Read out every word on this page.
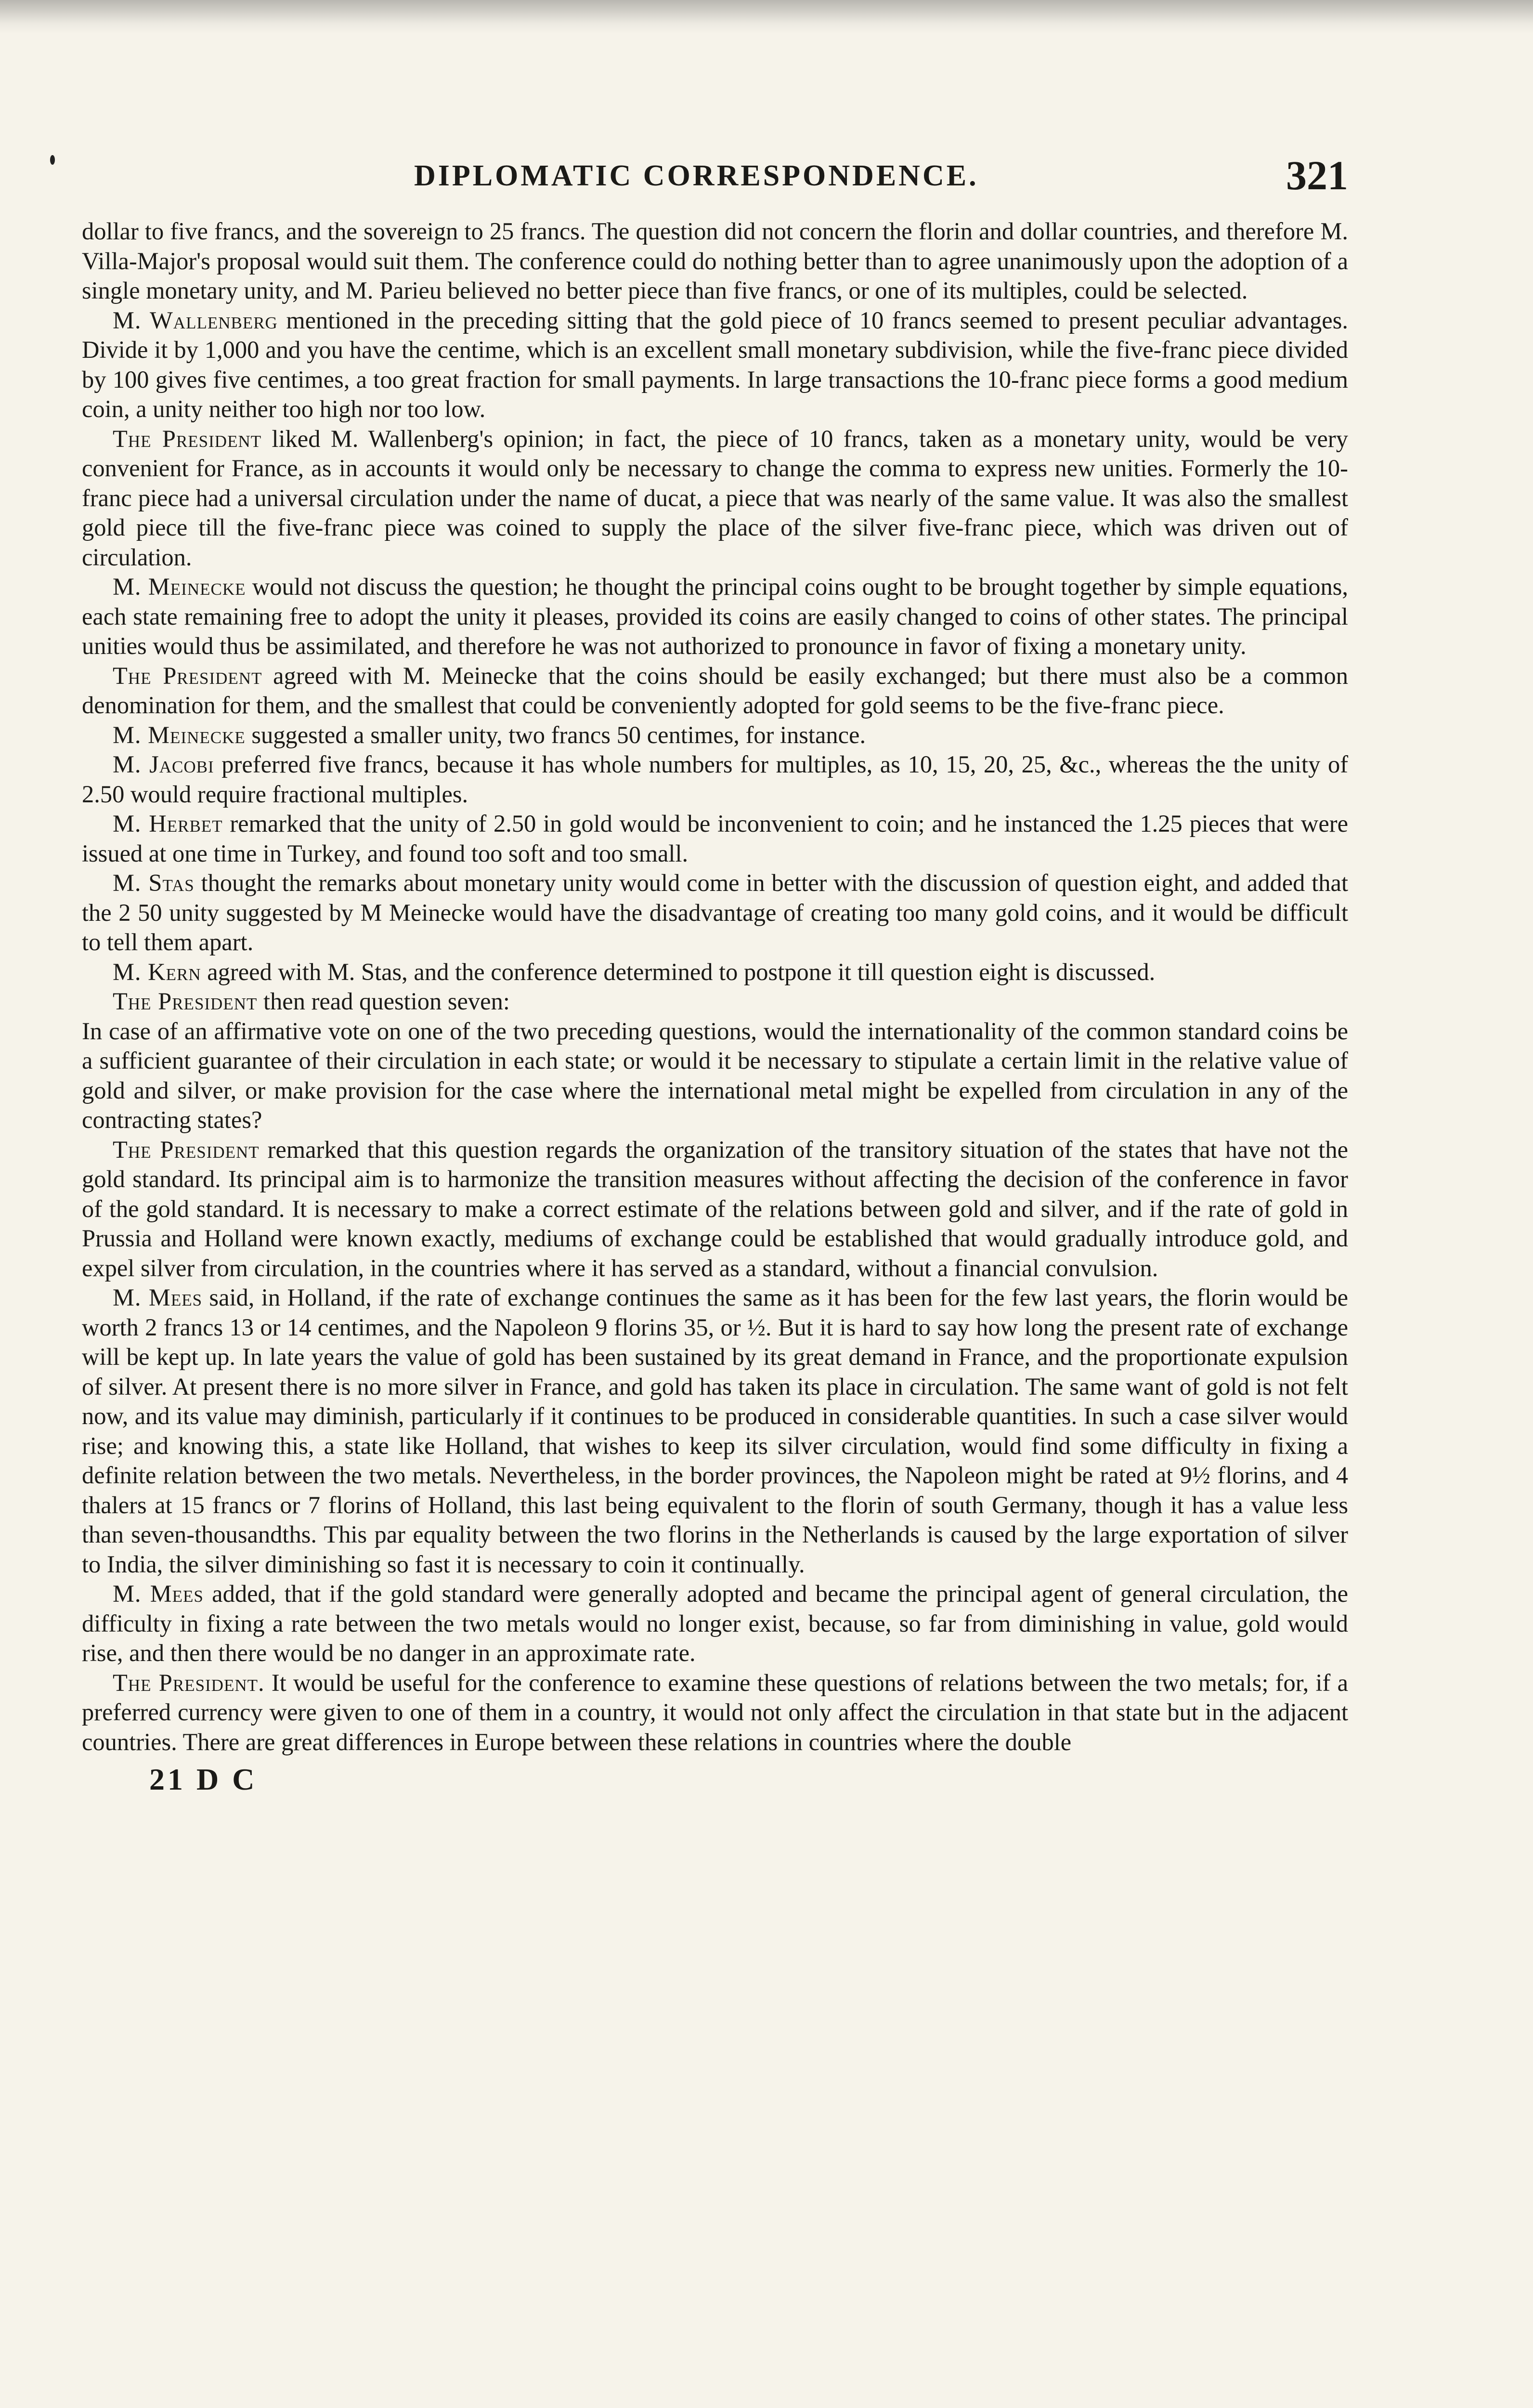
DIPLOMATIC CORRESPONDENCE.	321

dollar to five francs, and the sovereign to 25 francs. The question did not concern the florin and dollar countries, and therefore M. Villa-Major's proposal would suit them. The conference could do nothing better than to agree unanimously upon the adoption of a single monetary unity, and M. Parieu believed no better piece than five francs, or one of its multiples, could be selected.

M. Wallenberg mentioned in the preceding sitting that the gold piece of 10 francs seemed to present peculiar advantages. Divide it by 1,000 and you have the centime, which is an excellent small monetary subdivision, while the five-franc piece divided by 100 gives five centimes, a too great fraction for small payments. In large transactions the 10-franc piece forms a good medium coin, a unity neither too high nor too low.

The President liked M. Wallenberg's opinion; in fact, the piece of 10 francs, taken as a monetary unity, would be very convenient for France, as in accounts it would only be necessary to change the comma to express new unities. Formerly the 10-franc piece had a universal circulation under the name of ducat, a piece that was nearly of the same value. It was also the smallest gold piece till the five-franc piece was coined to supply the place of the silver five-franc piece, which was driven out of circulation.

M. Meinecke would not discuss the question; he thought the principal coins ought to be brought together by simple equations, each state remaining free to adopt the unity it pleases, provided its coins are easily changed to coins of other states. The principal unities would thus be assimilated, and therefore he was not authorized to pronounce in favor of fixing a monetary unity.

The President agreed with M. Meinecke that the coins should be easily exchanged; but there must also be a common denomination for them, and the smallest that could be conveniently adopted for gold seems to be the five-franc piece.

M. Meinecke suggested a smaller unity, two francs 50 centimes, for instance.

M. Jacobi preferred five francs, because it has whole numbers for multiples, as 10, 15, 20, 25, &c., whereas the the unity of 2.50 would require fractional multiples.

M. Herbet remarked that the unity of 2.50 in gold would be inconvenient to coin; and he instanced the 1.25 pieces that were issued at one time in Turkey, and found too soft and too small.

M. Stas thought the remarks about monetary unity would come in better with the discussion of question eight, and added that the 2 50 unity suggested by M Meinecke would have the disadvantage of creating too many gold coins, and it would be difficult to tell them apart.

M. Kern agreed with M. Stas, and the conference determined to postpone it till question eight is discussed.

The President then read question seven:

In case of an affirmative vote on one of the two preceding questions, would the internationality of the common standard coins be a sufficient guarantee of their circulation in each state; or would it be necessary to stipulate a certain limit in the relative value of gold and silver, or make provision for the case where the international metal might be expelled from circulation in any of the contracting states?

The President remarked that this question regards the organization of the transitory situation of the states that have not the gold standard. Its principal aim is to harmonize the transition measures without affecting the decision of the conference in favor of the gold standard. It is necessary to make a correct estimate of the relations between gold and silver, and if the rate of gold in Prussia and Holland were known exactly, mediums of exchange could be established that would gradually introduce gold, and expel silver from circulation, in the countries where it has served as a standard, without a financial convulsion.

M. Mees said, in Holland, if the rate of exchange continues the same as it has been for the few last years, the florin would be worth 2 francs 13 or 14 centimes, and the Napoleon 9 florins 35, or ½. But it is hard to say how long the present rate of exchange will be kept up. In late years the value of gold has been sustained by its great demand in France, and the proportionate expulsion of silver. At present there is no more silver in France, and gold has taken its place in circulation. The same want of gold is not felt now, and its value may diminish, particularly if it continues to be produced in considerable quantities. In such a case silver would rise; and knowing this, a state like Holland, that wishes to keep its silver circulation, would find some difficulty in fixing a definite relation between the two metals. Nevertheless, in the border provinces, the Napoleon might be rated at 9½ florins, and 4 thalers at 15 francs or 7 florins of Holland, this last being equivalent to the florin of south Germany, though it has a value less than seven-thousandths. This par equality between the two florins in the Netherlands is caused by the large exportation of silver to India, the silver diminishing so fast it is necessary to coin it continually.

M. Mees added, that if the gold standard were generally adopted and became the principal agent of general circulation, the difficulty in fixing a rate between the two metals would no longer exist, because, so far from diminishing in value, gold would rise, and then there would be no danger in an approximate rate.

The President. It would be useful for the conference to examine these questions of relations between the two metals; for, if a preferred currency were given to one of them in a country, it would not only affect the circulation in that state but in the adjacent countries. There are great differences in Europe between these relations in countries where the double

21 D C
